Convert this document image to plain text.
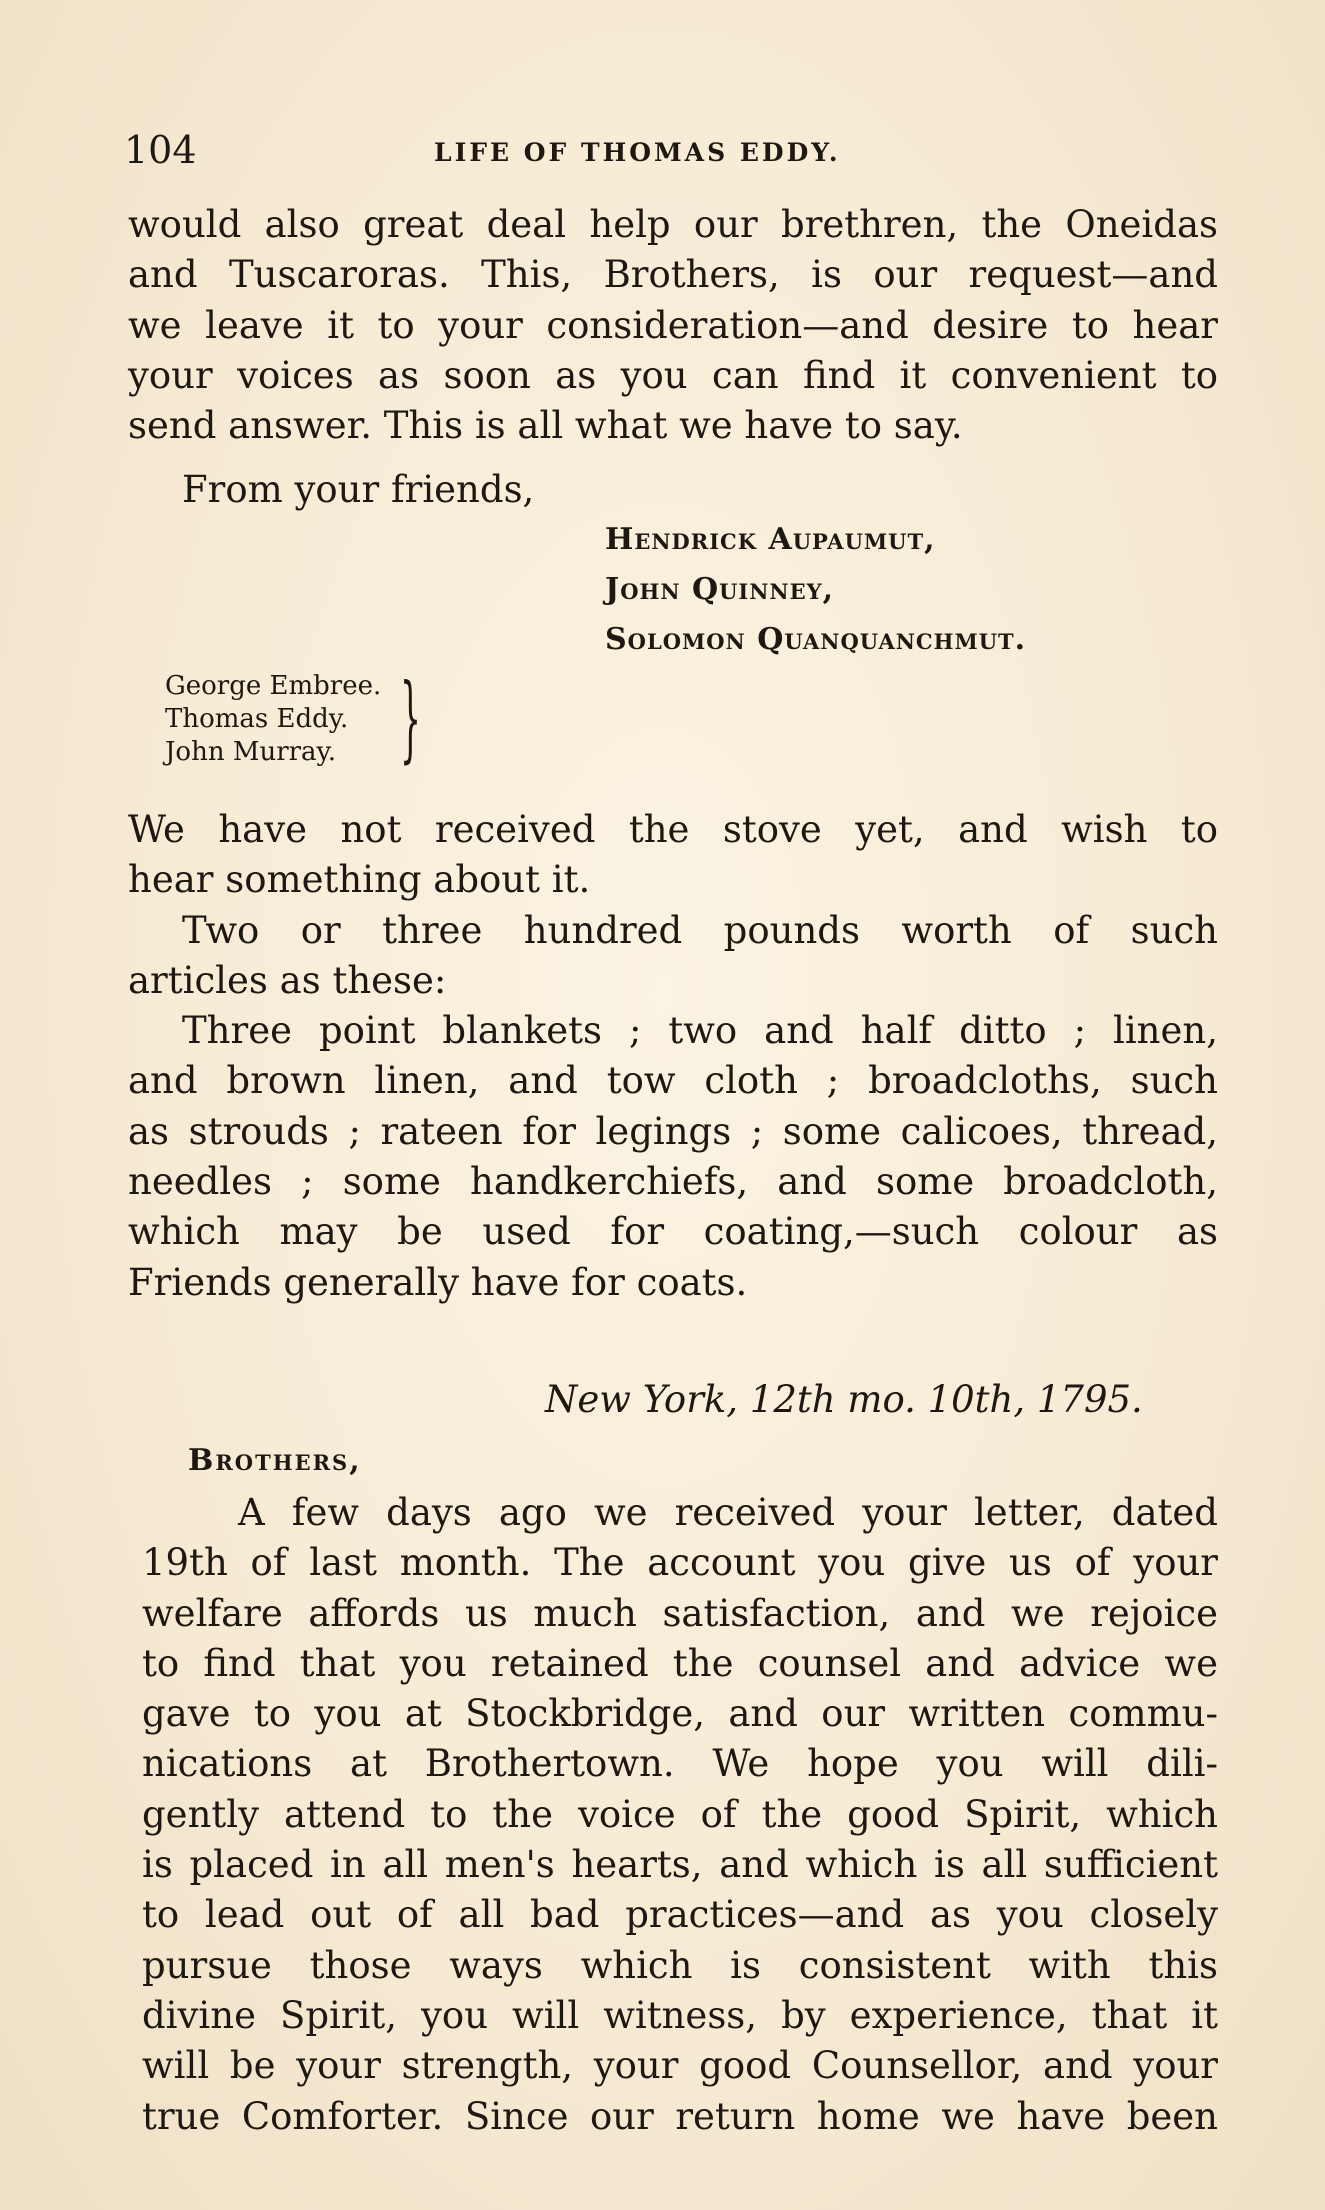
104	LIFE OF THOMAS EDDY.

would also great deal help our brethren, the Oneidas

and Tuscaroras. This, Brothers, is our request—and

we leave it to your consideration—and desire to hear

your voices as soon as you can find it convenient to

send answer. This is all what we have to say.

From your friends,
Hendrick Aupaumut,
John Quinney,
Solomon Quanquanchmut.
George Embree.
Thomas Eddy.
John Murray. }

We have not received the stove yet, and wish to

hear something about it.

Two or three hundred pounds worth of such

articles as these:

Three point blankets ; two and half ditto ; linen,

and brown linen, and tow cloth ; broadcloths, such

as strouds ; rateen for legings ; some calicoes, thread,

needles ; some handkerchiefs, and some broadcloth,

which may be used for coating,—such colour as

Friends generally have for coats.

New York, 12th mo. 10th, 1795.
Brothers,

A few days ago we received your letter, dated

19th of last month. The account you give us of your

welfare affords us much satisfaction, and we rejoice

to find that you retained the counsel and advice we

gave to you at Stockbridge, and our written commu-

nications at Brothertown. We hope you will dili-

gently attend to the voice of the good Spirit, which

is placed in all men's hearts, and which is all sufficient

to lead out of all bad practices—and as you closely

pursue those ways which is consistent with this

divine Spirit, you will witness, by experience, that it

will be your strength, your good Counsellor, and your

true Comforter. Since our return home we have been
